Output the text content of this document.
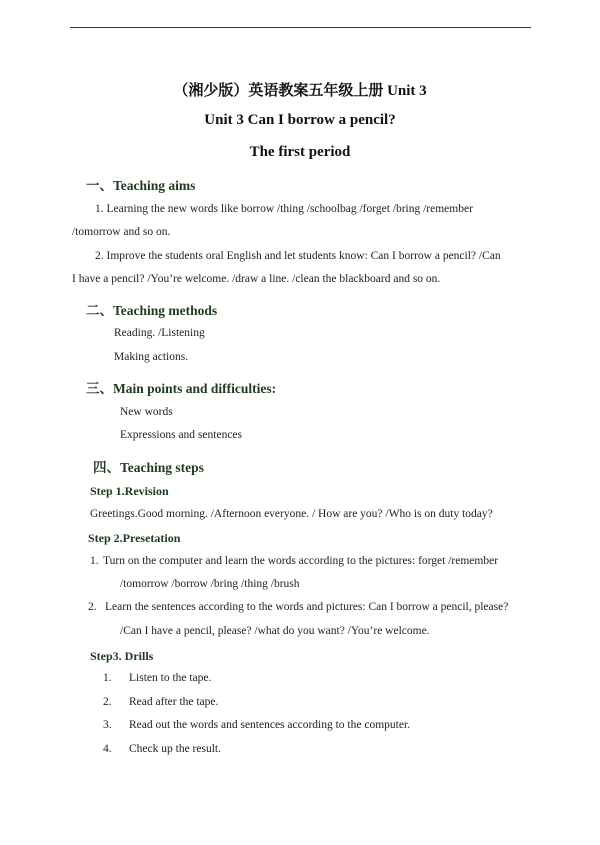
（湘少版）英语教案五年级上册 Unit 3
Unit 3 Can I borrow a pencil?
The first period
一、Teaching aims
1. Learning the new words like borrow /thing /schoolbag /forget /bring /remember
/tomorrow and so on.
2. Improve the students oral English and let students know: Can I borrow a pencil? /Can
I have a pencil? /You’re welcome. /draw a line. /clean the blackboard and so on.
二、Teaching methods
Reading. /Listening
Making actions.
三、Main points and difficulties:
New words
Expressions and sentences
四、Teaching steps
Step 1.Revision
Greetings.Good morning. /Afternoon everyone. / How are you? /Who is on duty today?
Step 2.Presetation
1. Turn on the computer and learn the words according to the pictures: forget /remember
/tomorrow /borrow /bring /thing /brush
2. Learn the sentences according to the words and pictures: Can I borrow a pencil, please?
/Can I have a pencil, please? /what do you want? /You’re welcome.
Step3. Drills
1. Listen to the tape.
2. Read after the tape.
3. Read out the words and sentences according to the computer.
4. Check up the result.
